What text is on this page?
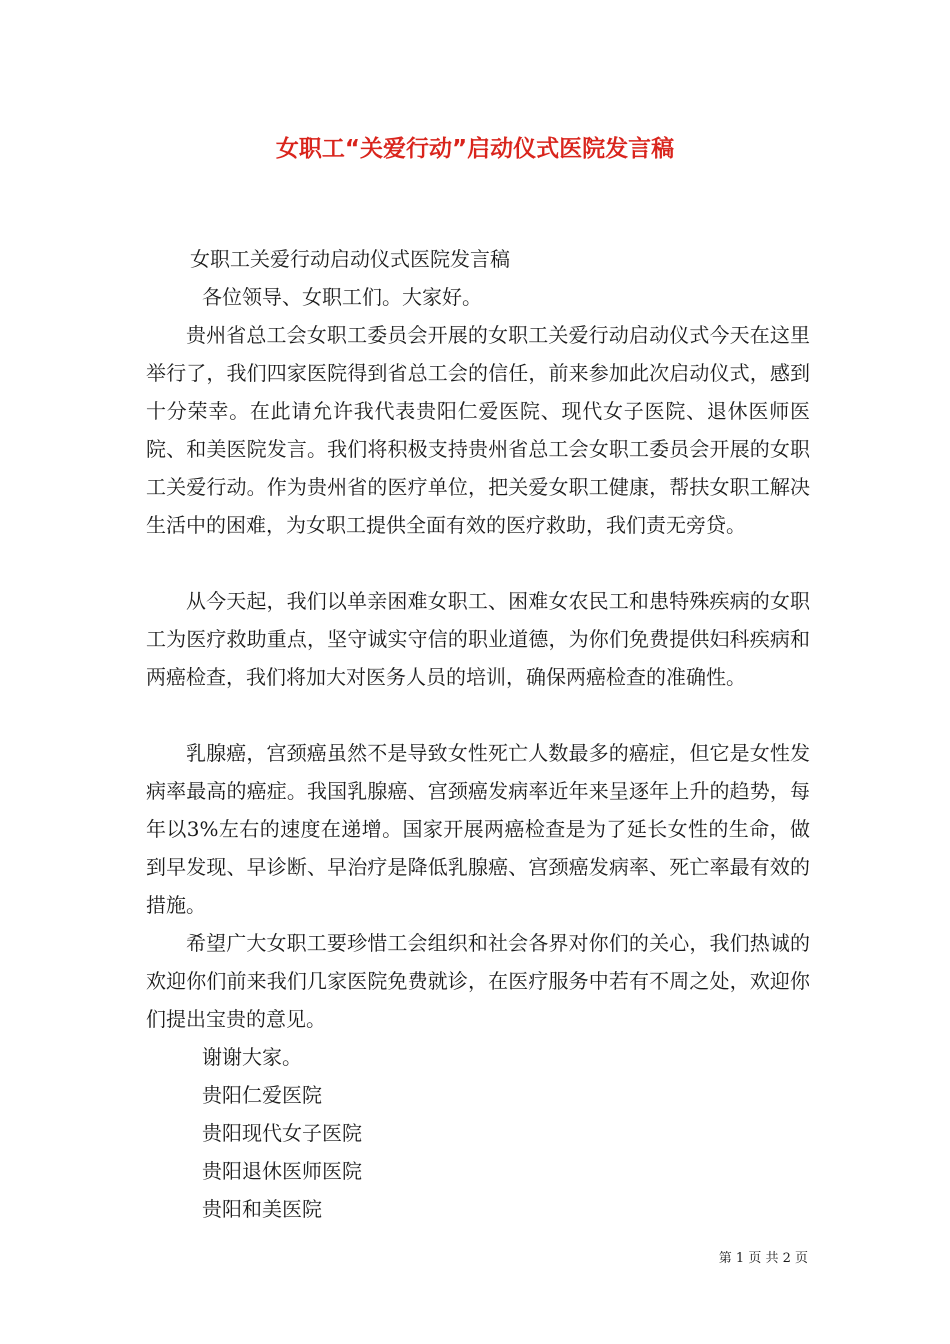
女职工“关爱行动”启动仪式医院发言稿

女职工关爱行动启动仪式医院发言稿

各位领导、女职工们。大家好。

贵州省总工会女职工委员会开展的女职工关爱行动启动仪式今天在这里举行了，我们四家医院得到省总工会的信任，前来参加此次启动仪式，感到十分荣幸。在此请允许我代表贵阳仁爱医院、现代女子医院、退休医师医院、和美医院发言。我们将积极支持贵州省总工会女职工委员会开展的女职工关爱行动。作为贵州省的医疗单位，把关爱女职工健康，帮扶女职工解决生活中的困难，为女职工提供全面有效的医疗救助，我们责无旁贷。

从今天起，我们以单亲困难女职工、困难女农民工和患特殊疾病的女职工为医疗救助重点，坚守诚实守信的职业道德，为你们免费提供妇科疾病和两癌检查，我们将加大对医务人员的培训，确保两癌检查的准确性。

乳腺癌，宫颈癌虽然不是导致女性死亡人数最多的癌症，但它是女性发病率最高的癌症。我国乳腺癌、宫颈癌发病率近年来呈逐年上升的趋势，每年以3%左右的速度在递增。国家开展两癌检查是为了延长女性的生命，做到早发现、早诊断、早治疗是降低乳腺癌、宫颈癌发病率、死亡率最有效的措施。

希望广大女职工要珍惜工会组织和社会各界对你们的关心，我们热诚的欢迎你们前来我们几家医院免费就诊，在医疗服务中若有不周之处，欢迎你们提出宝贵的意见。

谢谢大家。

贵阳仁爱医院

贵阳现代女子医院

贵阳退休医师医院

贵阳和美医院

第 1 页 共 2 页
